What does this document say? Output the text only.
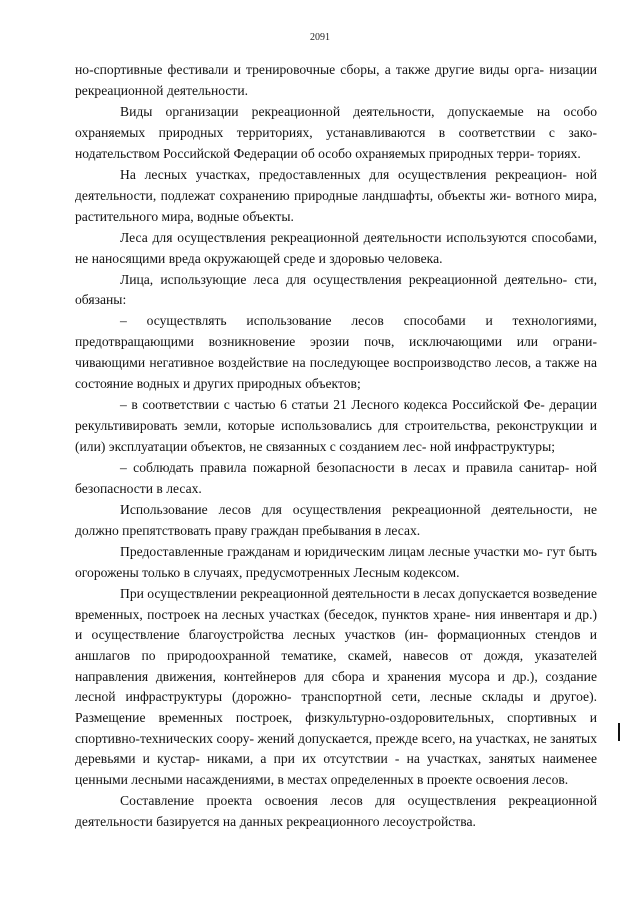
2091

но-спортивные фестивали и тренировочные сборы, а также другие виды орга- низации рекреационной деятельности.

Виды организации рекреационной деятельности, допускаемые на особо охраняемых природных территориях, устанавливаются в соответствии с зако- нодательством Российской Федерации об особо охраняемых природных терри- ториях.

На лесных участках, предоставленных для осуществления рекреацион- ной деятельности, подлежат сохранению природные ландшафты, объекты жи- вотного мира, растительного мира, водные объекты.

Леса для осуществления рекреационной деятельности используются способами, не наносящими вреда окружающей среде и здоровью человека.

Лица, использующие леса для осуществления рекреационной деятельно- сти, обязаны:

– осуществлять использование лесов способами и технологиями, предотвращающими возникновение эрозии почв, исключающими или ограни- чивающими негативное воздействие на последующее воспроизводство лесов, а также на состояние водных и других природных объектов;

– в соответствии с частью 6 статьи 21 Лесного кодекса Российской Фе- дерации рекультивировать земли, которые использовались для строительства, реконструкции и (или) эксплуатации объектов, не связанных с созданием лес- ной инфраструктуры;

– соблюдать правила пожарной безопасности в лесах и правила санитар- ной безопасности в лесах.

Использование лесов для осуществления рекреационной деятельности, не должно препятствовать праву граждан пребывания в лесах.

Предоставленные гражданам и юридическим лицам лесные участки мо- гут быть огорожены только в случаях, предусмотренных Лесным кодексом.

При осуществлении рекреационной деятельности в лесах допускается возведение временных, построек на лесных участках (беседок, пунктов хране- ния инвентаря и др.) и осуществление благоустройства лесных участков (ин- формационных стендов и аншлагов по природоохранной тематике, скамей, навесов от дождя, указателей направления движения, контейнеров для сбора и хранения мусора и др.), создание лесной инфраструктуры (дорожно- транспортной сети, лесные склады и другое). Размещение временных построек, физкультурно-оздоровительных, спортивных и спортивно-технических соору- жений допускается, прежде всего, на участках, не занятых деревьями и кустар- никами, а при их отсутствии - на участках, занятых наименее ценными лесными насаждениями, в местах определенных в проекте освоения лесов.

Составление проекта освоения лесов для осуществления рекреационной деятельности базируется на данных рекреационного лесоустройства.
